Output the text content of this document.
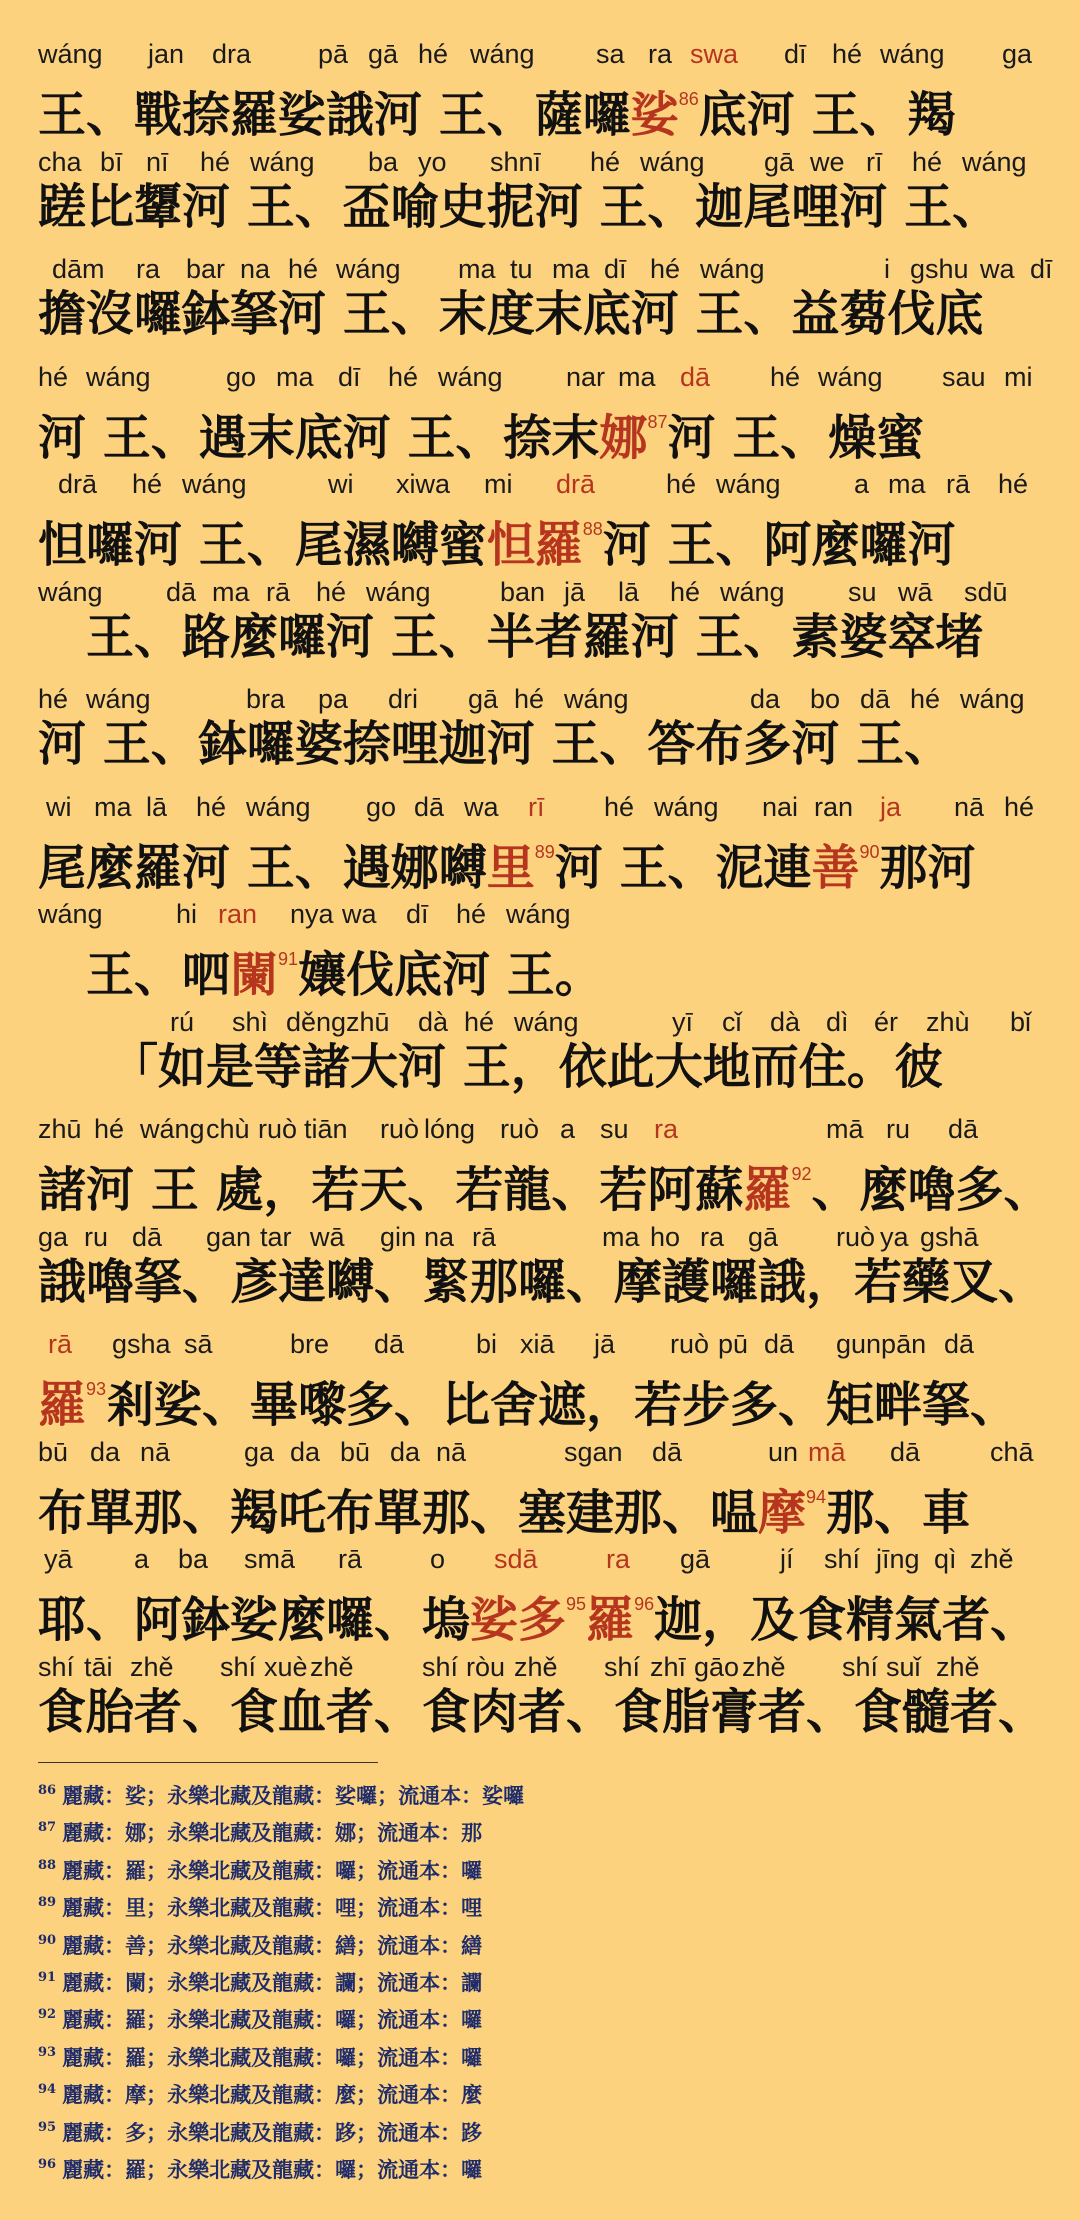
wáng jan dra pā gā hé wáng sa ra swa dī hé wáng ga
王、戰捺羅娑誐河 王、薩囉娑$^{86}$底河 王、羯
cha bī nī hé wáng ba yo shnī hé wáng gā we rī hé wáng
蹉比顰河 王、盃喻史抳河 王、迦尾哩河 王、
dām ra bar na hé wáng ma tu ma dī hé wáng	i gshu wa dī
擔沒囉鉢拏河 王、末度末底河 王、益蒭伐底
hé wáng	go ma dī hé wáng nar ma dā hé wáng sau mi
河 王、遇末底河 王、捺末娜$^{87}$河 王、燥蜜
drā hé wáng	wi xiwa mi drā	hé wáng	a ma rā hé
怛囉河 王、尾濕嚩蜜怛羅$^{88}$河 王、阿麼囉河
wáng dā ma rā hé wáng	ban jā lā hé wáng su wā sdū
　王、路麼囉河 王、半者羅河 王、素婆窣堵
hé wáng	bra pa dri gā hé wáng	da bo dā hé wáng
河 王、鉢囉婆捺哩迦河 王、答布多河 王、
wi ma lā hé wáng go dā wa rī hé wáng nai ran ja nā hé
尾麼羅河 王、遇娜嚩里$^{89}$河 王、泥連善$^{90}$那河
wáng	hi ran nya wa dī hé wáng
　王、呬闌$^{91}$孃伐底河 王。
rú shì děng zhū dà hé wáng	yī cǐ dà dì ér zhù bǐ
　　「如是等諸大河 王，依此大地而住。彼
zhū hé wáng chù ruò tiān ruò lóng ruò a su ra	mā ru dā
諸河 王 處，若天、若龍、若阿蘇羅$^{92}$、麼嚕多、
ga ru dā gan tar wā gin na rā	ma ho ra gā ruò ya gshā
誐嚕拏、彥達嚩、緊那囉、摩護囉誐，若藥叉、
rā gsha sā	bre dā	bi xiā jā ruò pū dā gunpān dā
羅$^{93}$剎娑、畢嚟多、比舍遮，若步多、矩畔拏、
bū da nā	ga da bū da nā	sgan dā	un mā dā	chā
布單那、羯吒布單那、塞建那、嗢摩$^{94}$那、車
yā a ba smā rā	o sdā	ra gā	jí shí jīng qì zhě
耶、阿鉢娑麼囉、塢娑多$^{95}$羅$^{96}$迦，及食精氣者、
shí tāi zhě shí xuè zhě	shí ròu zhě shí zhī gāo zhě shí suǐ zhě
食胎者、食血者、食肉者、食脂膏者、食髓者、
$^{86}$ 麗藏：娑；永樂北藏及龍藏：娑囉；流通本：娑囉
$^{87}$ 麗藏：娜；永樂北藏及龍藏：娜；流通本：那
$^{88}$ 麗藏：羅；永樂北藏及龍藏：囉；流通本：囉
$^{89}$ 麗藏：里；永樂北藏及龍藏：哩；流通本：哩
$^{90}$ 麗藏：善；永樂北藏及龍藏：繕；流通本：繕
$^{91}$ 麗藏：闌；永樂北藏及龍藏：讕；流通本：讕
$^{92}$ 麗藏：羅；永樂北藏及龍藏：囉；流通本：囉
$^{93}$ 麗藏：羅；永樂北藏及龍藏：囉；流通本：囉
$^{94}$ 麗藏：摩；永樂北藏及龍藏：麼；流通本：麼
$^{95}$ 麗藏：多；永樂北藏及龍藏：跢；流通本：跢
$^{96}$ 麗藏：羅；永樂北藏及龍藏：囉；流通本：囉
